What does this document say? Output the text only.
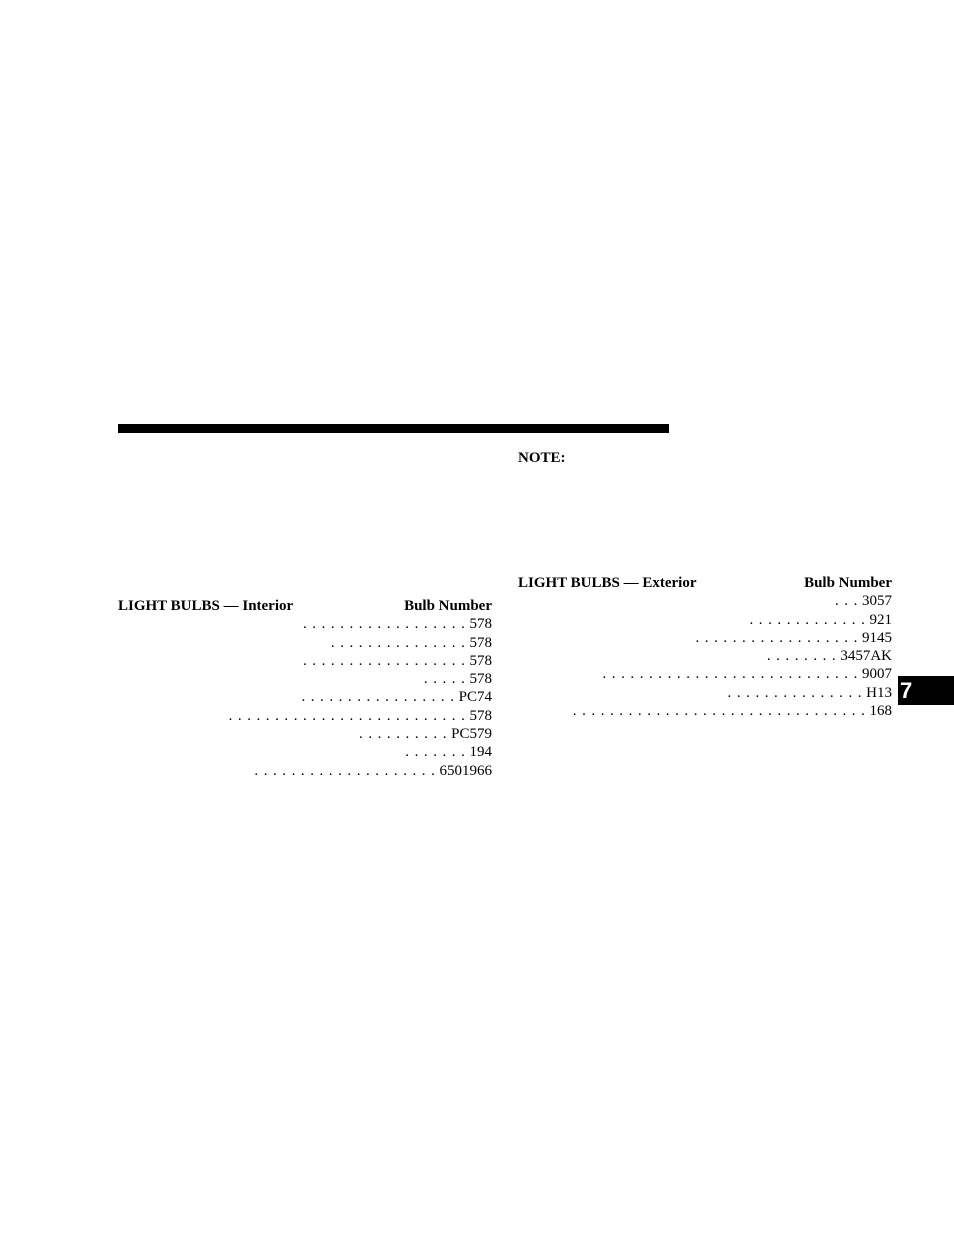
NOTE:

LIGHT BULBS — Interior	Bulb Number
. . . . . . . . . . . . . . . . . . 578
. . . . . . . . . . . . . . . 578
. . . . . . . . . . . . . . . . . . 578
. . . . . 578
. . . . . . . . . . . . . . . . . PC74
. . . . . . . . . . . . . . . . . . . . . . . . . . 578
. . . . . . . . . . PC579
. . . . . . . 194
. . . . . . . . . . . . . . . . . . . . 6501966
LIGHT BULBS — Exterior	Bulb Number
. . . 3057
. . . . . . . . . . . . . 921
. . . . . . . . . . . . . . . . . . 9145
. . . . . . . . 3457AK
. . . . . . . . . . . . . . . . . . . . . . . . . . . . 9007
. . . . . . . . . . . . . . . H13
. . . . . . . . . . . . . . . . . . . . . . . . . . . . . . . . 168
7
